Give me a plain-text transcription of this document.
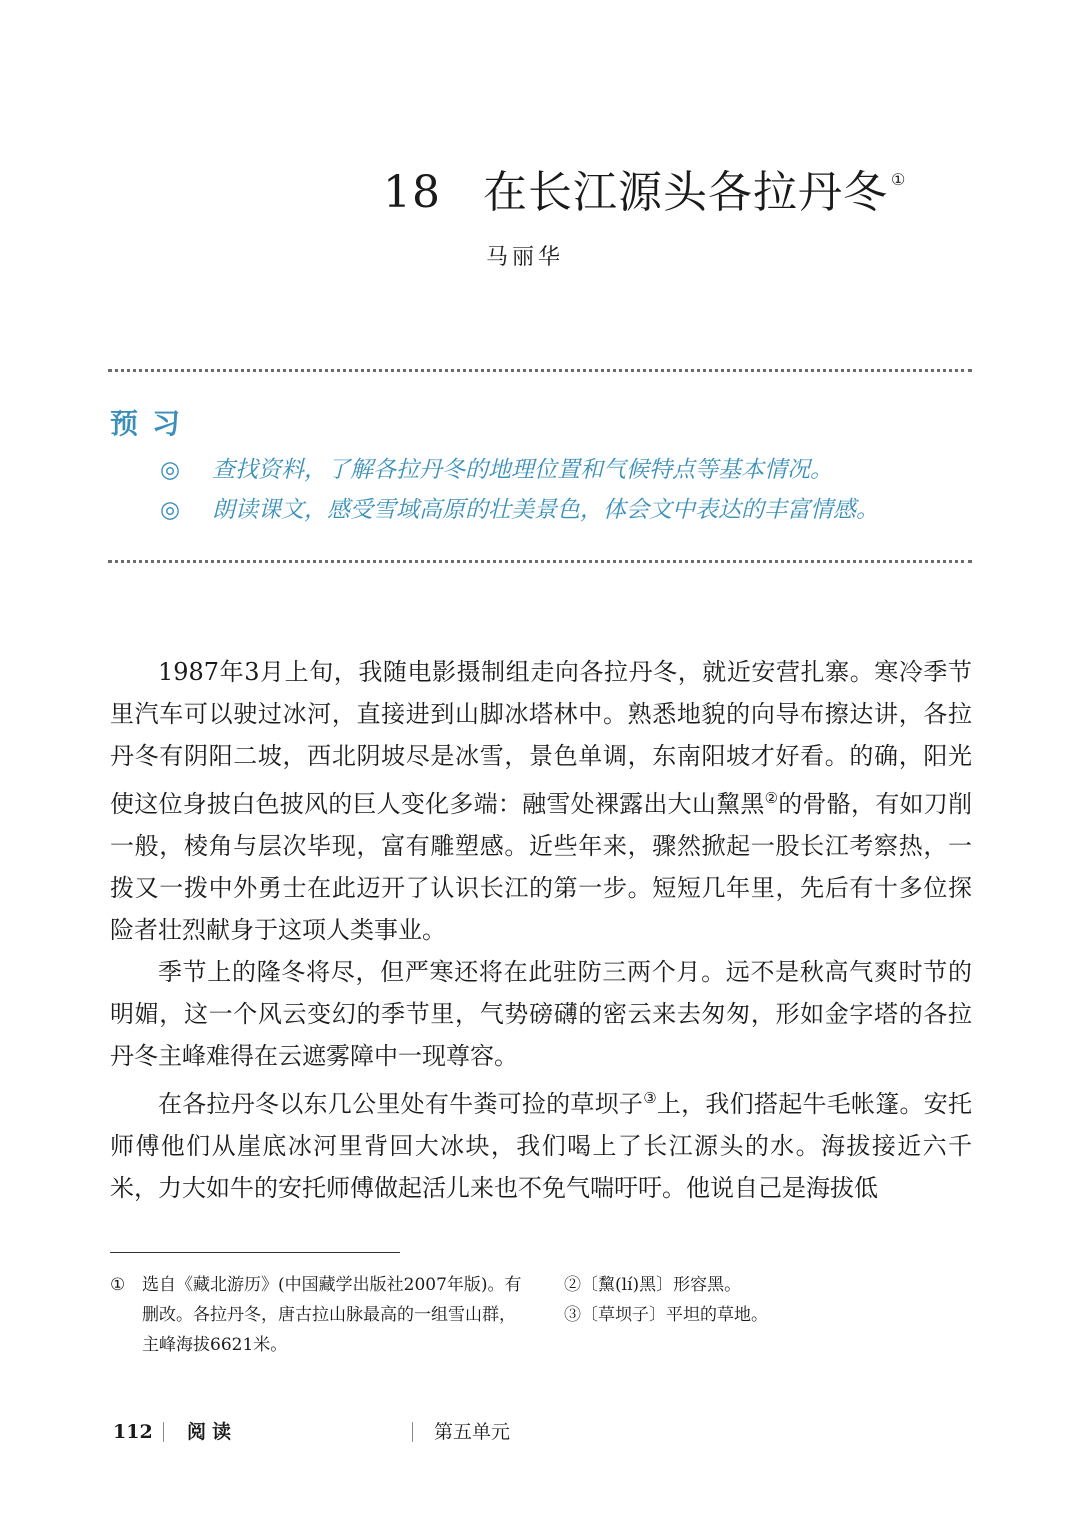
18 在长江源头各拉丹冬 ①
马丽华
预习
◎ 查找资料，了解各拉丹冬的地理位置和气候特点等基本情况。
◎ 朗读课文，感受雪域高原的壮美景色，体会文中表达的丰富情感。

1987年3月上旬，我随电影摄制组走向各拉丹冬，就近安营扎寨。寒冷季节里汽车可以驶过冰河，直接进到山脚冰塔林中。熟悉地貌的向导布擦达讲，各拉丹冬有阴阳二坡，西北阴坡尽是冰雪，景色单调，东南阳坡才好看。的确，阳光使这位身披白色披风的巨人变化多端：融雪处裸露出大山黧黑②的骨骼，有如刀削一般，棱角与层次毕现，富有雕塑感。近些年来，骤然掀起一股长江考察热，一拨又一拨中外勇士在此迈开了认识长江的第一步。短短几年里，先后有十多位探险者壮烈献身于这项人类事业。

季节上的隆冬将尽，但严寒还将在此驻防三两个月。远不是秋高气爽时节的明媚，这一个风云变幻的季节里，气势磅礴的密云来去匆匆，形如金字塔的各拉丹冬主峰难得在云遮雾障中一现尊容。

在各拉丹冬以东几公里处有牛粪可捡的草坝子③上，我们搭起牛毛帐篷。安托师傅他们从崖底冰河里背回大冰块，我们喝上了长江源头的水。海拔接近六千米，力大如牛的安托师傅做起活儿来也不免气喘吁吁。他说自己是海拔低

① 选自《藏北游历》(中国藏学出版社2007年版)。有删改。各拉丹冬，唐古拉山脉最高的一组雪山群，主峰海拔6621米。
②〔黧(lí)黑〕形容黑。
③〔草坝子〕平坦的草地。
112 阅读	第五单元
